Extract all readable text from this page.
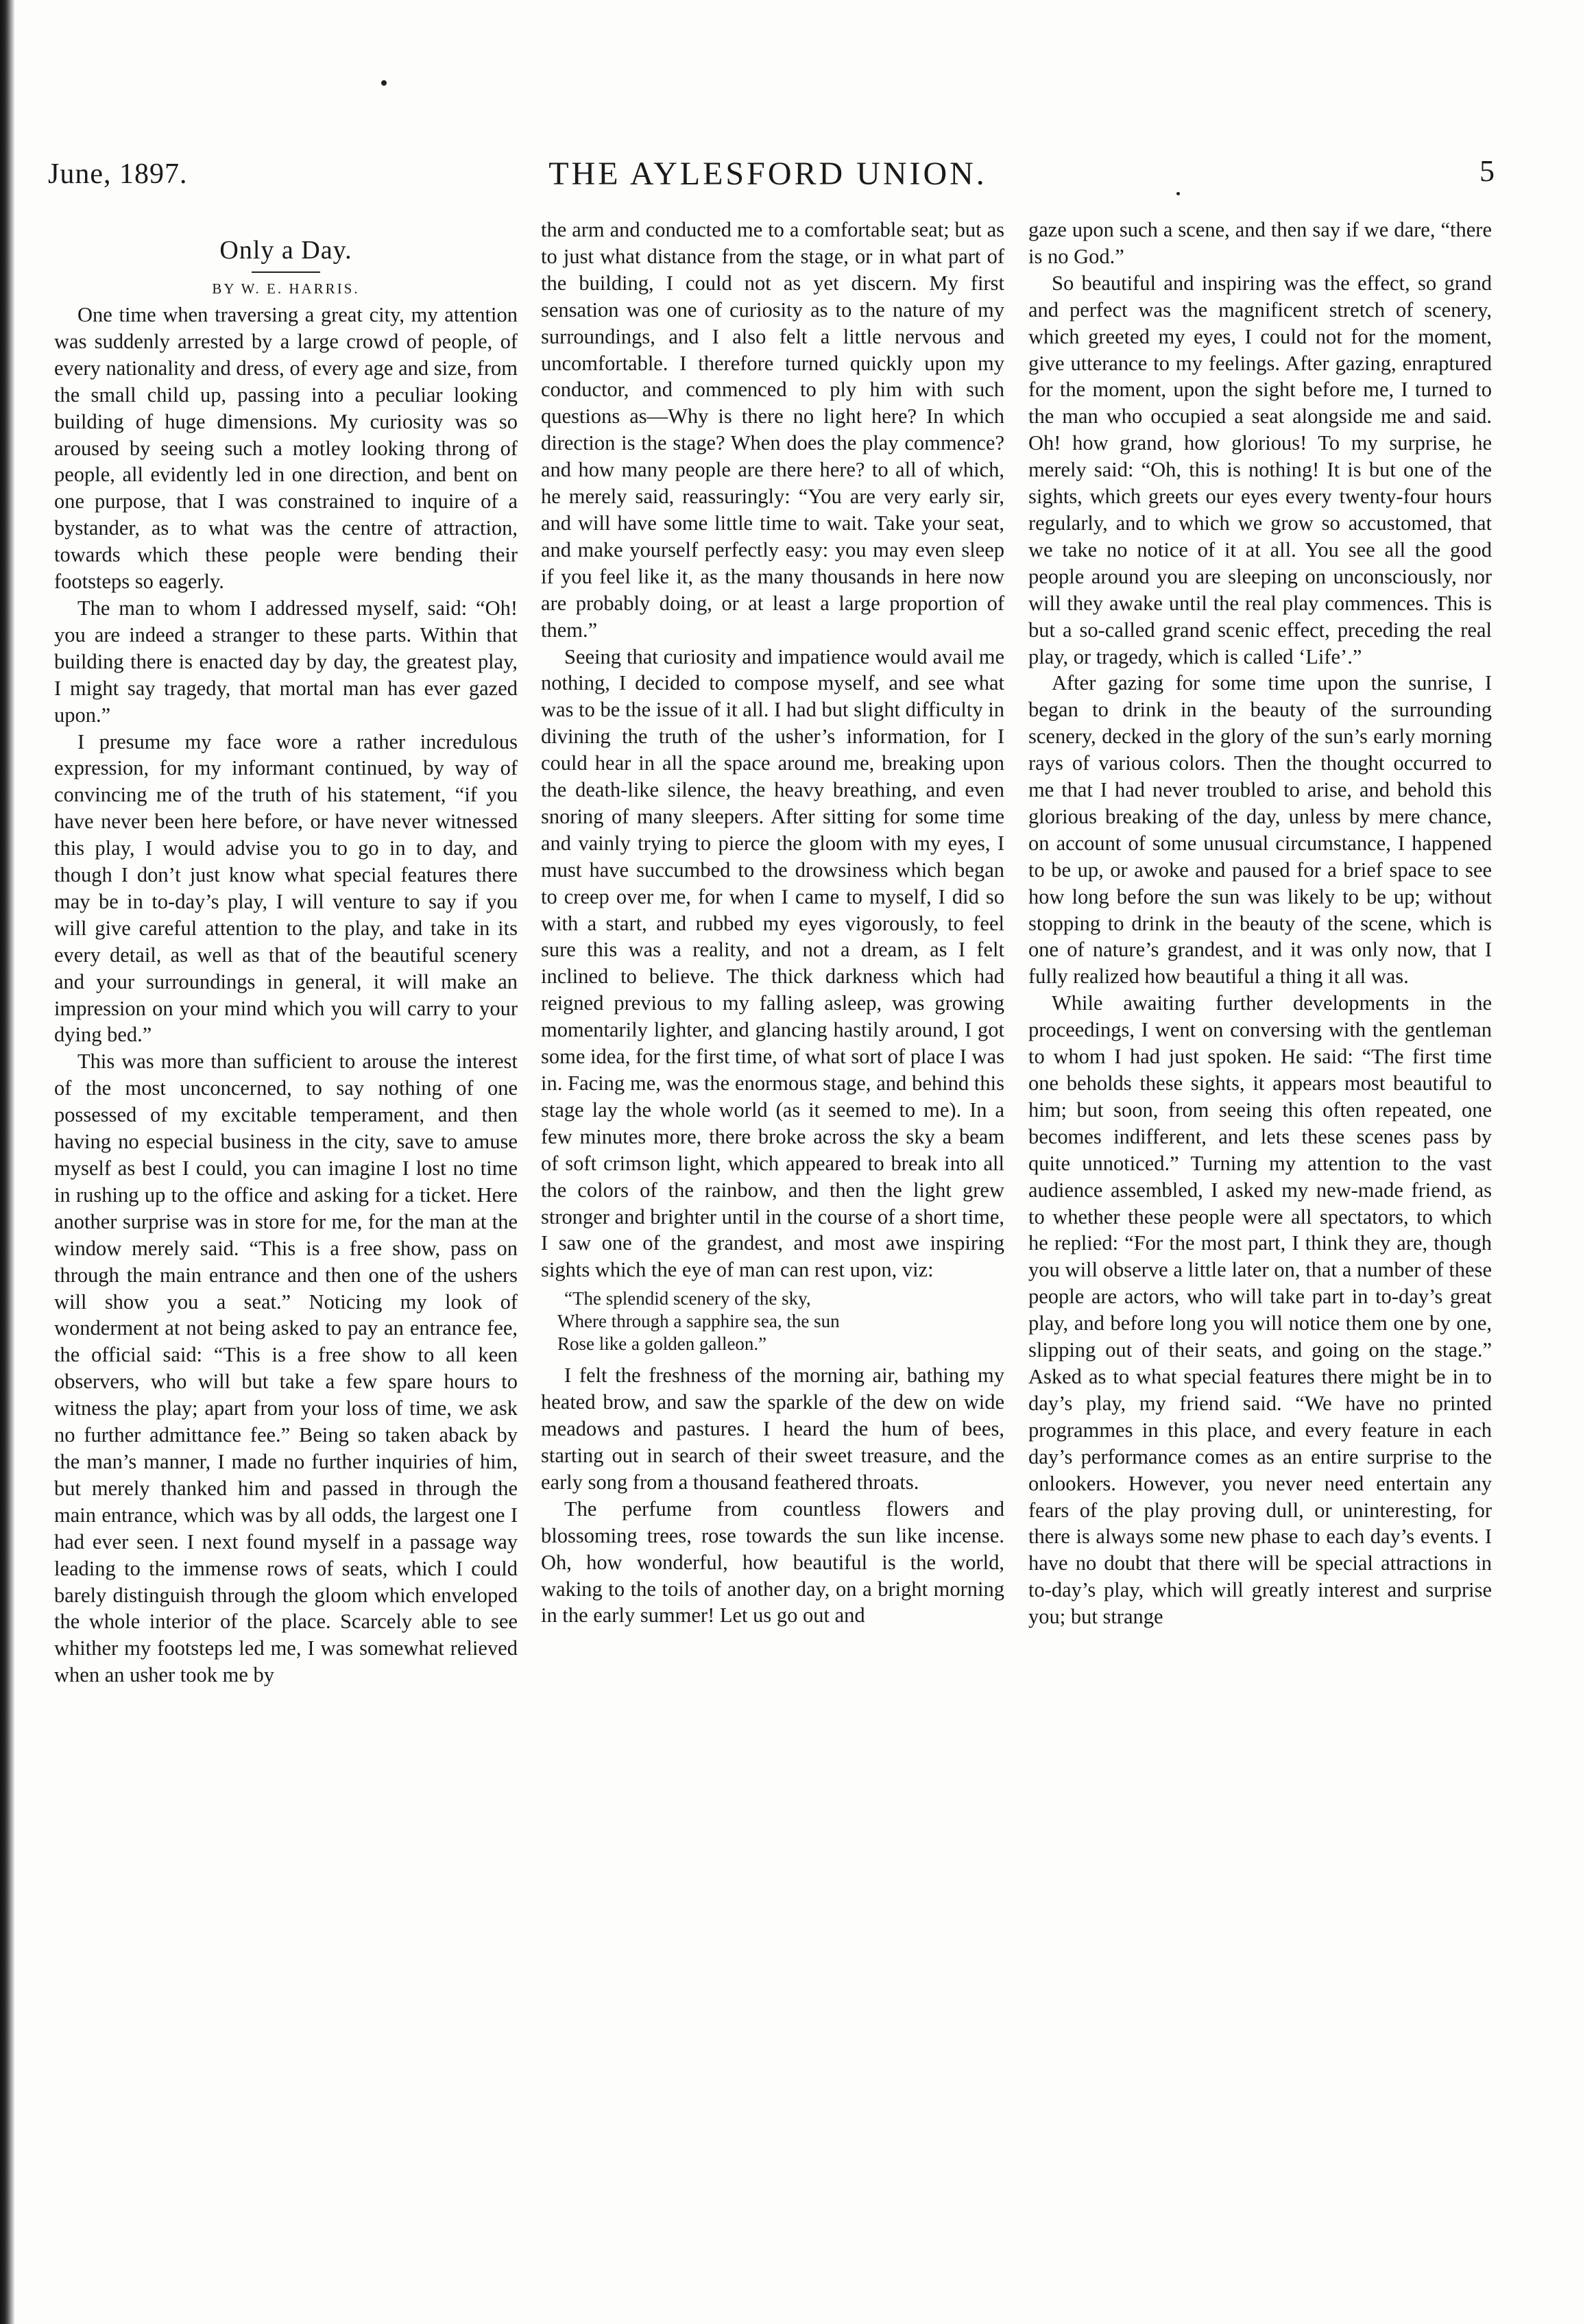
June, 1897.	THE AYLESFORD UNION.	5
Only a Day.
BY W. E. HARRIS.

One time when traversing a great city, my attention was suddenly arrested by a large crowd of people, of every nationality and dress, of every age and size, from the small child up, passing into a peculiar looking building of huge dimensions. My curiosity was so aroused by seeing such a motley looking throng of people, all evidently led in one direction, and bent on one purpose, that I was constrained to inquire of a bystander, as to what was the centre of attraction, towards which these people were bending their footsteps so eagerly.

The man to whom I addressed myself, said: “Oh! you are indeed a stranger to these parts. Within that building there is enacted day by day, the greatest play, I might say tragedy, that mortal man has ever gazed upon.”

I presume my face wore a rather incredulous expression, for my informant continued, by way of convincing me of the truth of his statement, “if you have never been here before, or have never witnessed this play, I would advise you to go in to day, and though I don’t just know what special features there may be in to-day’s play, I will venture to say if you will give careful attention to the play, and take in its every detail, as well as that of the beautiful scenery and your surroundings in general, it will make an impression on your mind which you will carry to your dying bed.”

This was more than sufficient to arouse the interest of the most unconcerned, to say nothing of one possessed of my excitable temperament, and then having no especial business in the city, save to amuse myself as best I could, you can imagine I lost no time in rushing up to the office and asking for a ticket. Here another surprise was in store for me, for the man at the window merely said. “This is a free show, pass on through the main entrance and then one of the ushers will show you a seat.” Noticing my look of wonderment at not being asked to pay an entrance fee, the official said: “This is a free show to all keen observers, who will but take a few spare hours to witness the play; apart from your loss of time, we ask no further admittance fee.” Being so taken aback by the man’s manner, I made no further inquiries of him, but merely thanked him and passed in through the main entrance, which was by all odds, the largest one I had ever seen. I next found myself in a passage way leading to the immense rows of seats, which I could barely distinguish through the gloom which enveloped the whole interior of the place. Scarcely able to see whither my footsteps led me, I was somewhat relieved when an usher took me by

the arm and conducted me to a comfortable seat; but as to just what distance from the stage, or in what part of the building, I could not as yet discern. My first sensation was one of curiosity as to the nature of my surroundings, and I also felt a little nervous and uncomfortable. I therefore turned quickly upon my conductor, and commenced to ply him with such questions as—Why is there no light here? In which direction is the stage? When does the play commence? and how many people are there here? to all of which, he merely said, reassuringly: “You are very early sir, and will have some little time to wait. Take your seat, and make yourself perfectly easy: you may even sleep if you feel like it, as the many thousands in here now are probably doing, or at least a large proportion of them.”

Seeing that curiosity and impatience would avail me nothing, I decided to compose myself, and see what was to be the issue of it all. I had but slight difficulty in divining the truth of the usher’s information, for I could hear in all the space around me, breaking upon the death-like silence, the heavy breathing, and even snoring of many sleepers. After sitting for some time and vainly trying to pierce the gloom with my eyes, I must have succumbed to the drowsiness which began to creep over me, for when I came to myself, I did so with a start, and rubbed my eyes vigorously, to feel sure this was a reality, and not a dream, as I felt inclined to believe. The thick darkness which had reigned previous to my falling asleep, was growing momentarily lighter, and glancing hastily around, I got some idea, for the first time, of what sort of place I was in. Facing me, was the enormous stage, and behind this stage lay the whole world (as it seemed to me). In a few minutes more, there broke across the sky a beam of soft crimson light, which appeared to break into all the colors of the rainbow, and then the light grew stronger and brighter until in the course of a short time, I saw one of the grandest, and most awe inspiring sights which the eye of man can rest upon, viz:

“The splendid scenery of the sky,
Where through a sapphire sea, the sun
Rose like a golden galleon.”

I felt the freshness of the morning air, bathing my heated brow, and saw the sparkle of the dew on wide meadows and pastures. I heard the hum of bees, starting out in search of their sweet treasure, and the early song from a thousand feathered throats.

The perfume from countless flowers and blossoming trees, rose towards the sun like incense. Oh, how wonderful, how beautiful is the world, waking to the toils of another day, on a bright morning in the early summer! Let us go out and

gaze upon such a scene, and then say if we dare, “there is no God.”

So beautiful and inspiring was the effect, so grand and perfect was the magnificent stretch of scenery, which greeted my eyes, I could not for the moment, give utterance to my feelings. After gazing, enraptured for the moment, upon the sight before me, I turned to the man who occupied a seat alongside me and said. Oh! how grand, how glorious! To my surprise, he merely said: “Oh, this is nothing! It is but one of the sights, which greets our eyes every twenty-four hours regularly, and to which we grow so accustomed, that we take no notice of it at all. You see all the good people around you are sleeping on unconsciously, nor will they awake until the real play commences. This is but a so-called grand scenic effect, preceding the real play, or tragedy, which is called ‘Life’.”

After gazing for some time upon the sunrise, I began to drink in the beauty of the surrounding scenery, decked in the glory of the sun’s early morning rays of various colors. Then the thought occurred to me that I had never troubled to arise, and behold this glorious breaking of the day, unless by mere chance, on account of some unusual circumstance, I happened to be up, or awoke and paused for a brief space to see how long before the sun was likely to be up; without stopping to drink in the beauty of the scene, which is one of nature’s grandest, and it was only now, that I fully realized how beautiful a thing it all was.

While awaiting further developments in the proceedings, I went on conversing with the gentleman to whom I had just spoken. He said: “The first time one beholds these sights, it appears most beautiful to him; but soon, from seeing this often repeated, one becomes indifferent, and lets these scenes pass by quite unnoticed.” Turning my attention to the vast audience assembled, I asked my new-made friend, as to whether these people were all spectators, to which he replied: “For the most part, I think they are, though you will observe a little later on, that a number of these people are actors, who will take part in to-day’s great play, and before long you will notice them one by one, slipping out of their seats, and going on the stage.” Asked as to what special features there might be in to day’s play, my friend said. “We have no printed programmes in this place, and every feature in each day’s performance comes as an entire surprise to the onlookers. However, you never need entertain any fears of the play proving dull, or uninteresting, for there is always some new phase to each day’s events. I have no doubt that there will be special attractions in to-day’s play, which will greatly interest and surprise you; but strange
